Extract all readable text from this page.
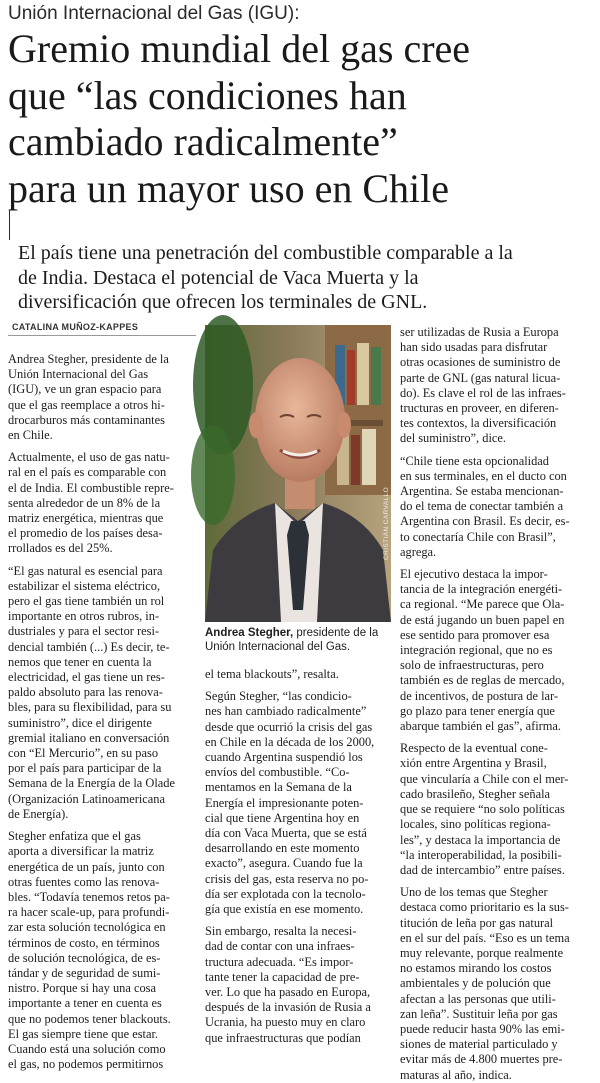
Unión Internacional del Gas (IGU):
Gremio mundial del gas cree
que “las condiciones han
cambiado radicalmente”
para un mayor uso en Chile
El país tiene una penetración del combustible comparable a la
de India. Destaca el potencial de Vaca Muerta y la
diversificación que ofrecen los terminales de GNL.
CATALINA MUÑOZ-KAPPES

Andrea Stegher, presidente de la
Unión Internacional del Gas
(IGU), ve un gran espacio para
que el gas reemplace a otros hi-
drocarburos más contaminantes
en Chile.

Actualmente, el uso de gas natu-
ral en el país es comparable con
el de India. El combustible repre-
senta alrededor de un 8% de la
matriz energética, mientras que
el promedio de los países desa-
rrollados es del 25%.

“El gas natural es esencial para
estabilizar el sistema eléctrico,
pero el gas tiene también un rol
importante en otros rubros, in-
dustriales y para el sector resi-
dencial también (...) Es decir, te-
nemos que tener en cuenta la
electricidad, el gas tiene un res-
paldo absoluto para las renova-
bles, para su flexibilidad, para su
suministro”, dice el dirigente
gremial italiano en conversación
con “El Mercurio”, en su paso
por el país para participar de la
Semana de la Energía de la Olade
(Organización Latinoamericana
de Energía).

Stegher enfatiza que el gas
aporta a diversificar la matriz
energética de un país, junto con
otras fuentes como las renova-
bles. “Todavía tenemos retos pa-
ra hacer scale-up, para profundi-
zar esta solución tecnológica en
términos de costo, en términos
de solución tecnológica, de es-
tándar y de seguridad de sumi-
nistro. Porque si hay una cosa
importante a tener en cuenta es
que no podemos tener blackouts.
El gas siempre tiene que estar.
Cuando está una solución como
el gas, no podemos permitirnos

CRISTIÁN CARVALLO
Andrea Stegher, presidente de la
Unión Internacional del Gas.

el tema blackouts”, resalta.

Según Stegher, “las condicio-
nes han cambiado radicalmente”
desde que ocurrió la crisis del gas
en Chile en la década de los 2000,
cuando Argentina suspendió los
envíos del combustible. “Co-
mentamos en la Semana de la
Energía el impresionante poten-
cial que tiene Argentina hoy en
día con Vaca Muerta, que se está
desarrollando en este momento
exacto”, asegura. Cuando fue la
crisis del gas, esta reserva no po-
día ser explotada con la tecnolo-
gía que existía en ese momento.

Sin embargo, resalta la necesi-
dad de contar con una infraes-
tructura adecuada. “Es impor-
tante tener la capacidad de pre-
ver. Lo que ha pasado en Europa,
después de la invasión de Rusia a
Ucrania, ha puesto muy en claro
que infraestructuras que podían

ser utilizadas de Rusia a Europa
han sido usadas para disfrutar
otras ocasiones de suministro de
parte de GNL (gas natural licua-
do). Es clave el rol de las infraes-
tructuras en proveer, en diferen-
tes contextos, la diversificación
del suministro”, dice.

“Chile tiene esta opcionalidad
en sus terminales, en el ducto con
Argentina. Se estaba mencionan-
do el tema de conectar también a
Argentina con Brasil. Es decir, es-
to conectaría Chile con Brasil”,
agrega.

El ejecutivo destaca la impor-
tancia de la integración energéti-
ca regional. “Me parece que Ola-
de está jugando un buen papel en
ese sentido para promover esa
integración regional, que no es
solo de infraestructuras, pero
también es de reglas de mercado,
de incentivos, de postura de lar-
go plazo para tener energía que
abarque también el gas”, afirma.

Respecto de la eventual cone-
xión entre Argentina y Brasil,
que vincularía a Chile con el mer-
cado brasileño, Stegher señala
que se requiere “no solo políticas
locales, sino políticas regiona-
les”, y destaca la importancia de
“la interoperabilidad, la posibili-
dad de intercambio” entre países.

Uno de los temas que Stegher
destaca como prioritario es la sus-
titución de leña por gas natural
en el sur del país. “Eso es un tema
muy relevante, porque realmente
no estamos mirando los costos
ambientales y de polución que
afectan a las personas que utili-
zan leña”. Sustituir leña por gas
puede reducir hasta 90% las emi-
siones de material particulado y
evitar más de 4.800 muertes pre-
maturas al año, indica.
